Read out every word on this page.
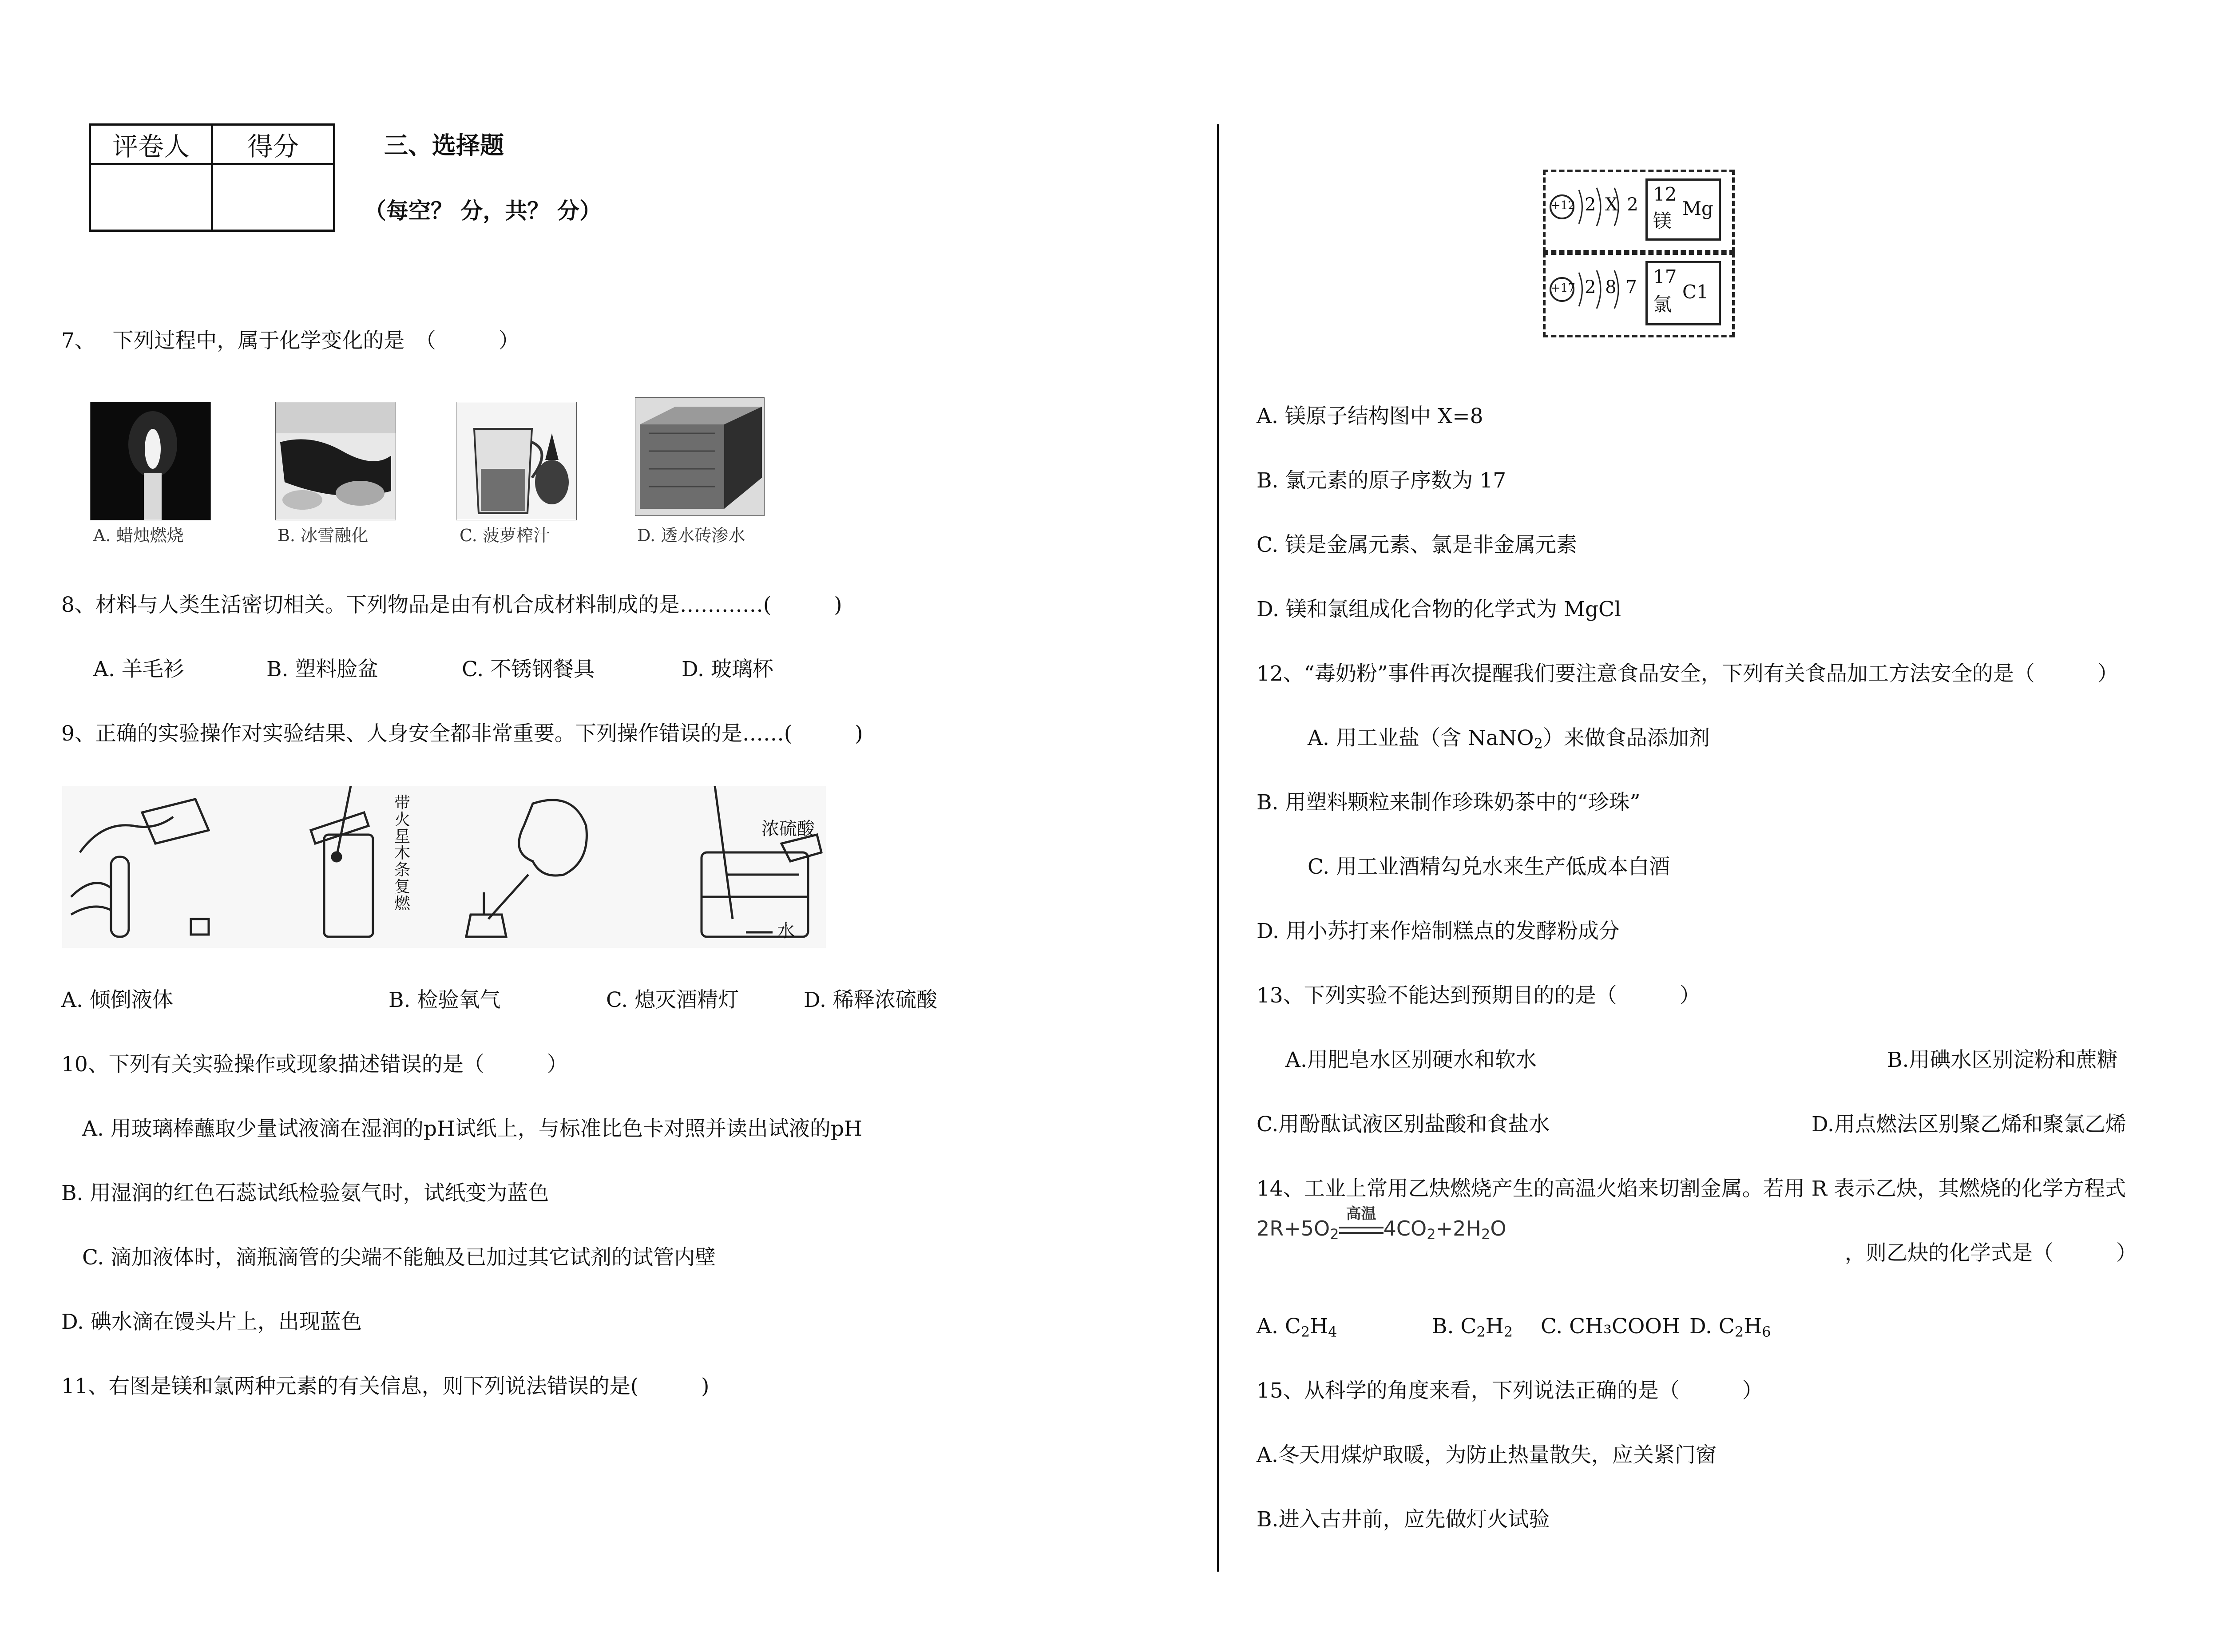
评卷人	得分
		三、选择题
（每空？ 分，共？ 分）
7、　 下列过程中，属于化学变化的是　（　　　）
A. 蜡烛燃烧	B. 冰雪融化	C. 菠萝榨汁	D. 透水砖渗水
8、材料与人类生活密切相关。下列物品是由有机合成材料制成的是…………(　　　)
A. 羊毛衫	B. 塑料脸盆	C. 不锈钢餐具	D. 玻璃杯
9、正确的实验操作对实验结果、人身安全都非常重要。下列操作错误的是……(　　　)
带火星木条复燃
浓硫酸
水
A. 倾倒液体	B. 检验氧气	C. 熄灭酒精灯	D. 稀释浓硫酸
10、下列有关实验操作或现象描述错误的是（　　　）
A. 用玻璃棒蘸取少量试液滴在湿润的pH试纸上，与标准比色卡对照并读出试液的pH
B. 用湿润的红色石蕊试纸检验氨气时，试纸变为蓝色
C. 滴加液体时，滴瓶滴管的尖端不能触及已加过其它试剂的试管内壁
D. 碘水滴在馒头片上，出现蓝色
11、右图是镁和氯两种元素的有关信息，则下列说法错误的是(　　　)
+12 2 X 2 12
镁
Mg
+17 2 8 7 17
氯
C1
A. 镁原子结构图中 X=8
B. 氯元素的原子序数为 17
C. 镁是金属元素、氯是非金属元素
D. 镁和氯组成化合物的化学式为 MgCl
12、“毒奶粉”事件再次提醒我们要注意食品安全，下列有关食品加工方法安全的是（　　　）
A. 用工业盐（含 NaNO$_2$）来做食品添加剂
B. 用塑料颗粒来制作珍珠奶茶中的“珍珠”
C. 用工业酒精勾兑水来生产低成本白酒
D. 用小苏打来作焙制糕点的发酵粉成分
13、下列实验不能达到预期目的的是（　　　）
A.用肥皂水区别硬水和软水	B.用碘水区别淀粉和蔗糖
C.用酚酞试液区别盐酸和食盐水	D.用点燃法区别聚乙烯和聚氯乙烯
14、工业上常用乙炔燃烧产生的高温火焰来切割金属。若用 R 表示乙炔，其燃烧的化学方程式
$2R+5O_2$
高温
$4CO_2+2H_2O$
，则乙炔的化学式是（　　　）
A. $C_2H_4$	B. $C_2H_2$ C. CH₃COOH D. $C_2H_6$
15、从科学的角度来看，下列说法正确的是（　　　）
A.冬天用煤炉取暖，为防止热量散失，应关紧门窗
B.进入古井前，应先做灯火试验
